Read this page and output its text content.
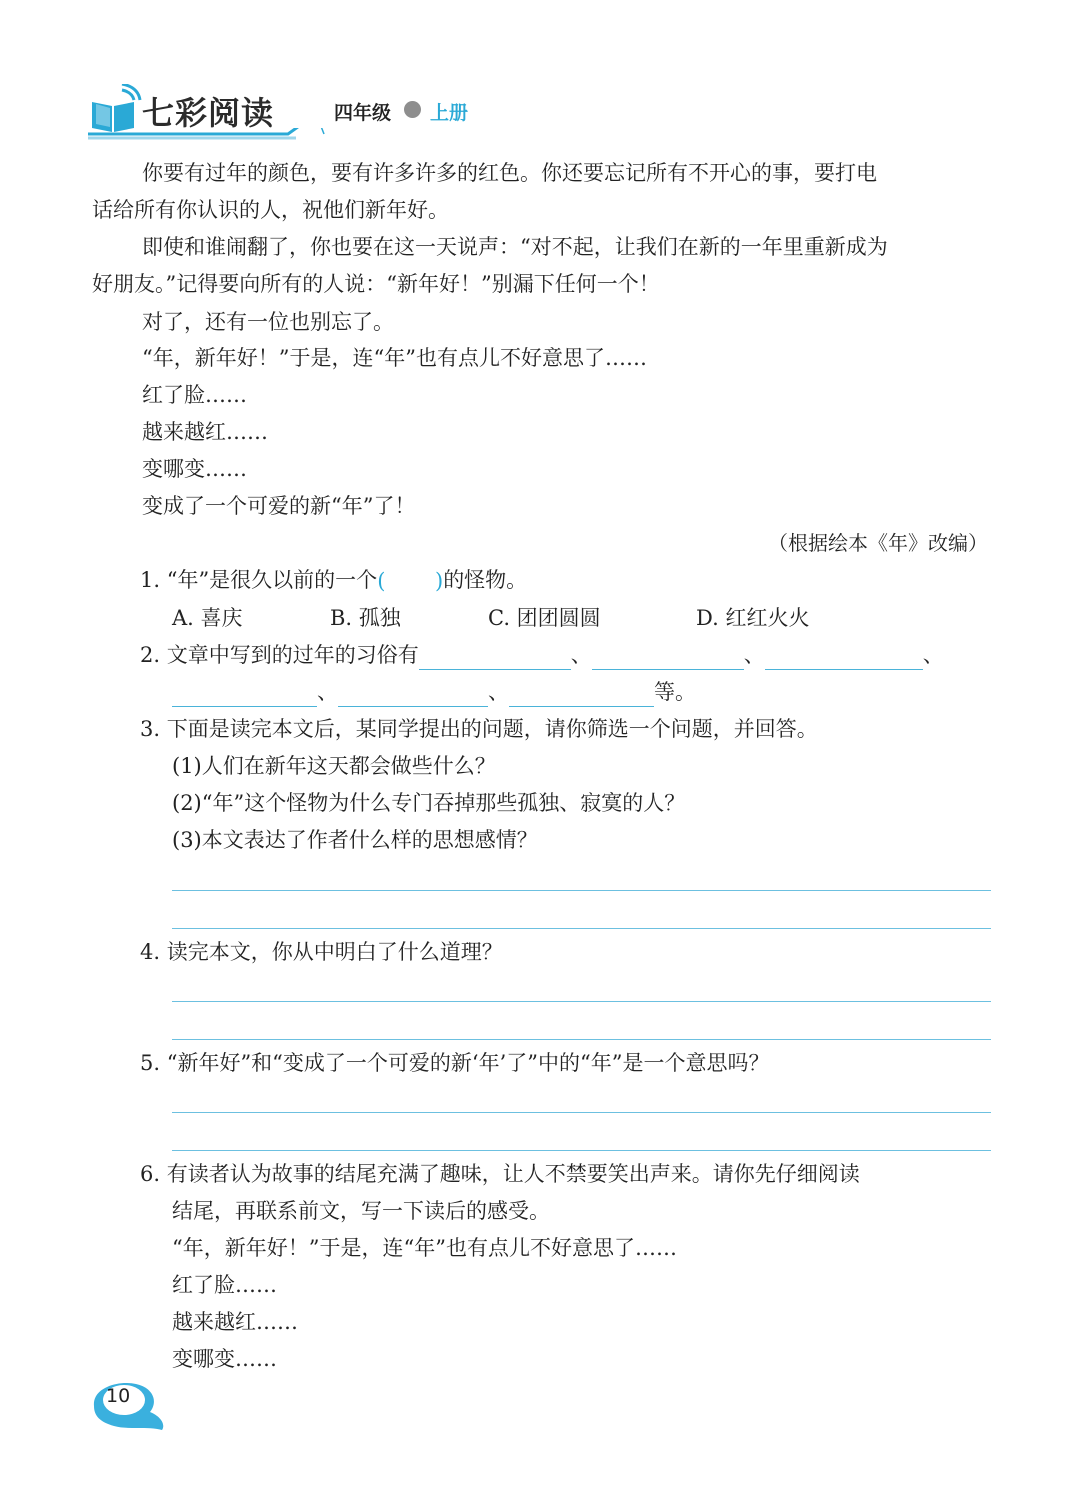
七彩阅读	四年级 上册
你要有过年的颜色，要有许多许多的红色。你还要忘记所有不开心的事，要打电
话给所有你认识的人，祝他们新年好。
即使和谁闹翻了，你也要在这一天说声：“对不起，让我们在新的一年里重新成为
好朋友。”记得要向所有的人说：“新年好！”别漏下任何一个！
对了，还有一位也别忘了。
“年，新年好！”于是，连“年”也有点儿不好意思了……
红了脸……
越来越红……
变哪变……
变成了一个可爱的新“年”了！
（根据绘本《年》改编）
1. “年”是很久以前的一个( )	的怪物。
A. 喜庆	B. 孤独	C. 团团圆圆	D. 红红火火
2. 文章中写到的过年的习俗有	、	、	、
、	、	等。
3. 下面是读完本文后，某同学提出的问题，请你筛选一个问题，并回答。
(1)人们在新年这天都会做些什么？
(2)“年”这个怪物为什么专门吞掉那些孤独、寂寞的人？
(3)本文表达了作者什么样的思想感情？
4. 读完本文，你从中明白了什么道理？
5. “新年好”和“变成了一个可爱的新‘年’了”中的“年”是一个意思吗？
6. 有读者认为故事的结尾充满了趣味，让人不禁要笑出声来。请你先仔细阅读
结尾，再联系前文，写一下读后的感受。
“年，新年好！”于是，连“年”也有点儿不好意思了……
红了脸……
越来越红……
变哪变……
10
